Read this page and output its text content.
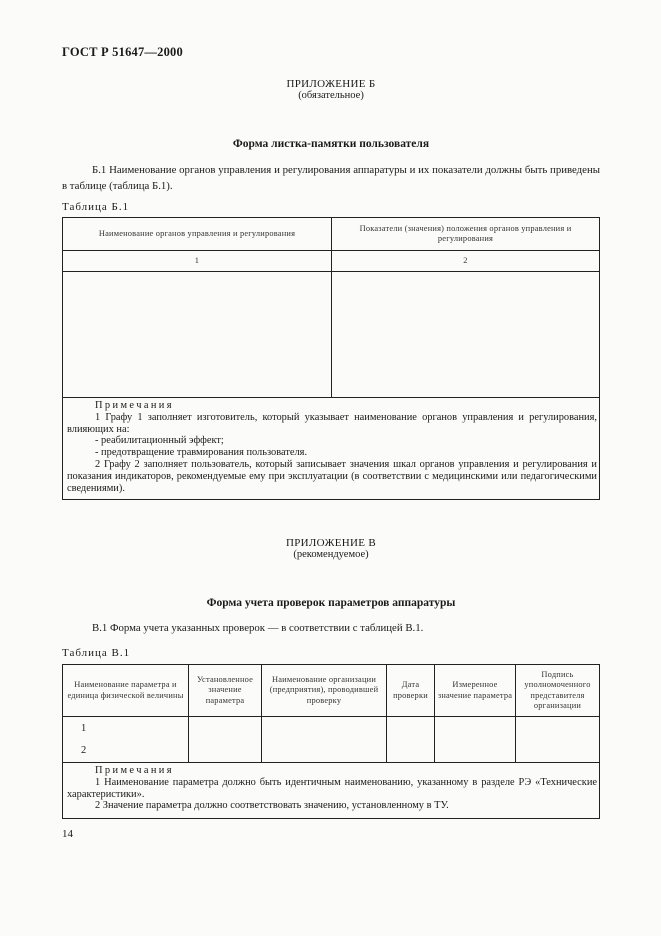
ГОСТ Р 51647—2000
ПРИЛОЖЕНИЕ Б
(обязательное)
Форма листка-памятки пользователя
Б.1 Наименование органов управления и регулирования аппаратуры и их показатели должны быть приведены в таблице (таблица Б.1).
Таблица Б.1
Наименование органов управления и регулирования	Показатели (значения) положения органов управления и регулирования
1	2

Примечания
1 Графу 1 заполняет изготовитель, который указывает наименование органов управления и регулирования, влияющих на:
- реабилитационный эффект;
- предотвращение травмирования пользователя.
2 Графу 2 заполняет пользователь, который записывает значения шкал органов управления и регулирования и показания индикаторов, рекомендуемые ему при эксплуатации (в соответствии с медицинскими или педагогическими сведениями).	
ПРИЛОЖЕНИЕ В
(рекомендуемое)
Форма учета проверок параметров аппаратуры
В.1 Форма учета указанных проверок — в соответствии с таблицей В.1.
Таблица В.1
Наименование параметра и единица физической величины	Установленное значение параметра	Наименование организации (предприятия), проводившей проверку	Дата проверки	Измеренное значение параметра	Подпись уполномоченного представителя организации

1
2					

Примечания
1 Наименование параметра должно быть идентичным наименованию, указанному в разделе РЭ «Технические характеристики».
2 Значение параметра должно соответствовать значению, установленному в ТУ.					
14
